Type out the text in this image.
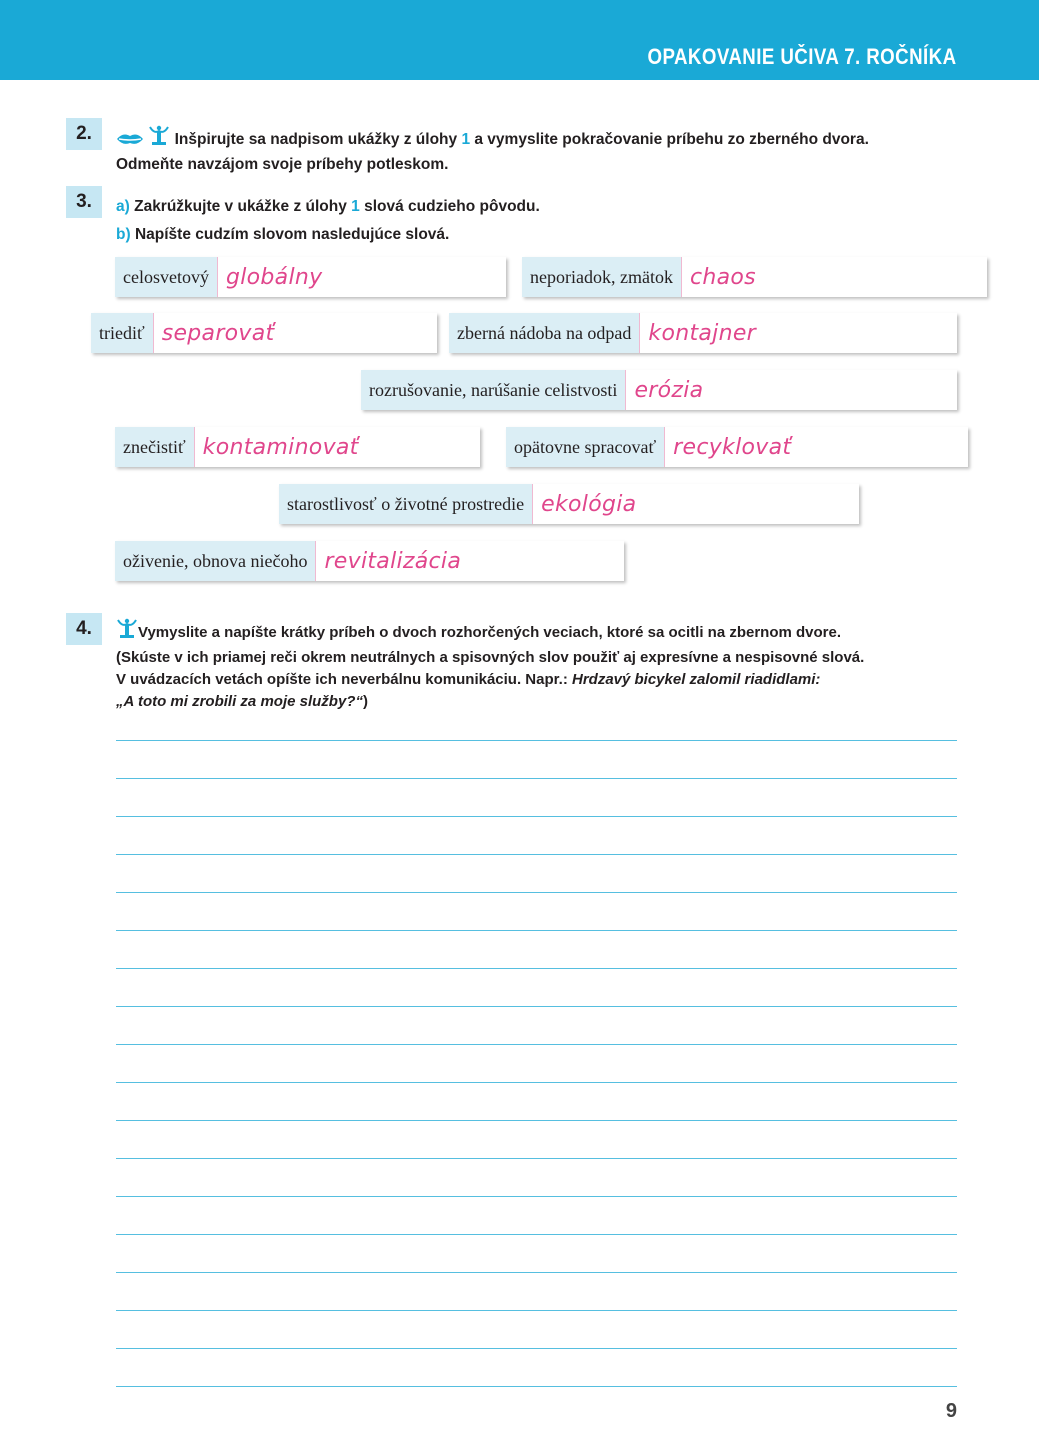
OPAKOVANIE UČIVA 7. ROČNÍKA
2.	Inšpirujte sa nadpisom ukážky z úlohy 1 a vymyslite pokračovanie príbehu zo zberného dvora.
Odmeňte navzájom svoje príbehy potleskom.
3.	a) Zakrúžkujte v ukážke z úlohy 1 slová cudzieho pôvodu.
b) Napíšte cudzím slovom nasledujúce slová.
celosvetový globálny	neporiadok, zmätok chaos
triediť separovať	zberná nádoba na odpad kontajner
rozrušovanie, narúšanie celistvosti erózia
znečistiť kontaminovať	opätovne spracovať recyklovať
starostlivosť o životné prostredie ekológia
oživenie, obnova niečoho revitalizácia
4.	Vymyslite a napíšte krátky príbeh o dvoch rozhorčených veciach, ktoré sa ocitli na zbernom dvore.
(Skúste v ich priamej reči okrem neutrálnych a spisovných slov použiť aj expresívne a nespisovné slová.
V uvádzacích vetách opíšte ich neverbálnu komunikáciu. Napr.: Hrdzavý bicykel zalomil riadidlami:
„A toto mi zrobili za moje služby?“)
9
